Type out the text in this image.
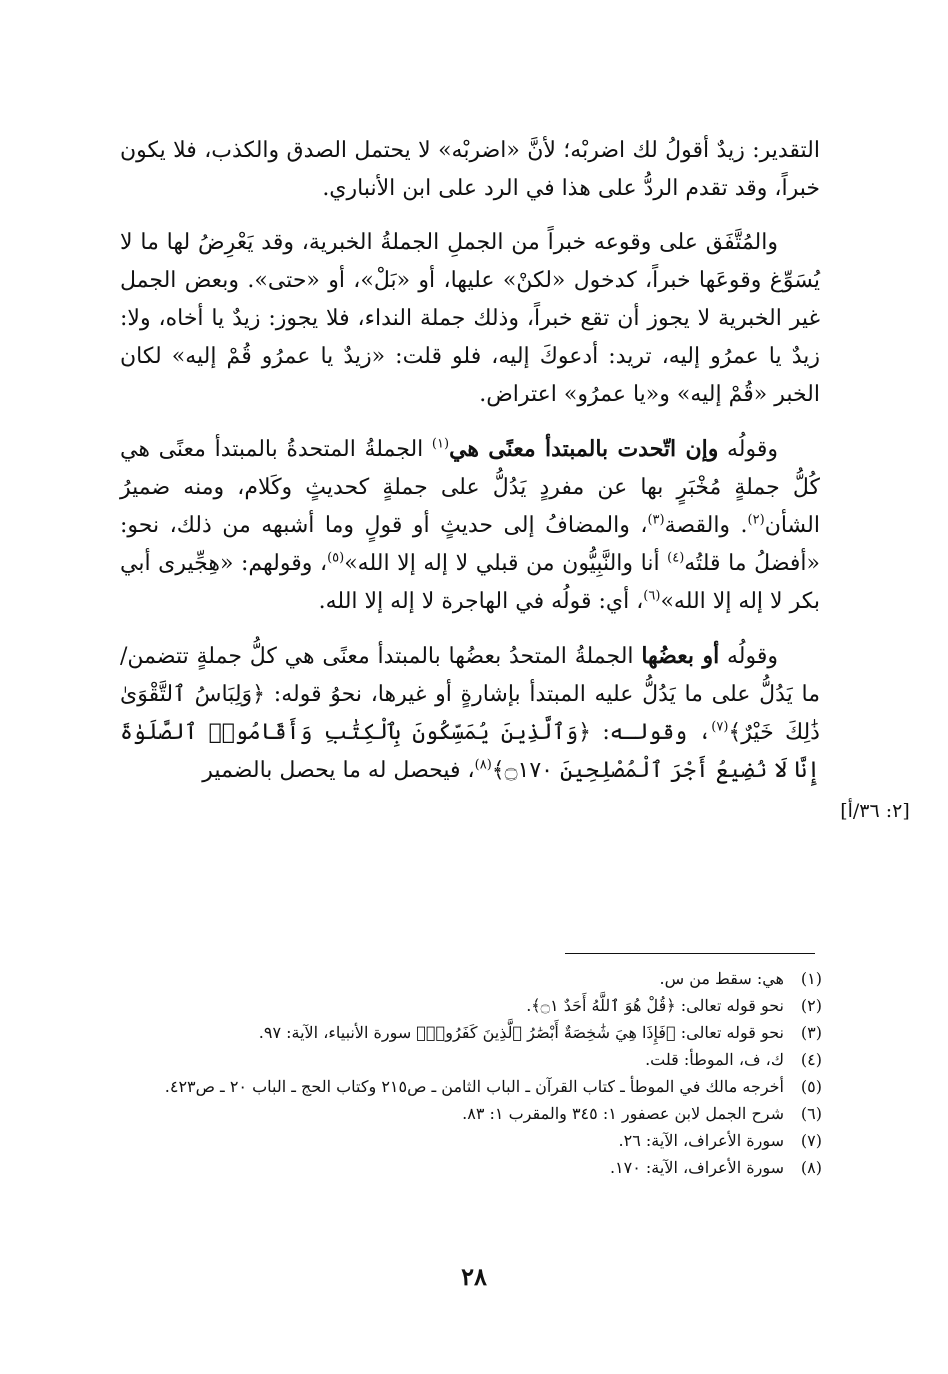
التقدير: زيدٌ أقولُ لك اضربْه؛ لأنَّ «اضربْه» لا يحتمل الصدق والكذب، فلا يكون خبراً، وقد تقدم الردُّ على هذا في الرد على ابن الأنباري.

والمُتَّفَق على وقوعه خبراً من الجملِ الجملةُ الخبرية، وقد يَعْرِضُ لها ما لا يُسَوِّغ وقوعَها خبراً، كدخول «لكنْ» عليها، أو «بَلْ»، أو «حتى». وبعض الجمل غير الخبرية لا يجوز أن تقع خبراً، وذلك جملة النداء، فلا يجوز: زيدٌ يا أخاه، ولا: زيدٌ يا عمرُو إليه، تريد: أدعوكَ إليه، فلو قلت: «زيدٌ يا عمرُو قُمْ إليه» لكان الخبر «قُمْ إليه» و«يا عمرُو» اعتراض.

وقولُه وإن اتّحدت بالمبتدأ معنًى هي$^{(١)}$ الجملةُ المتحدةُ بالمبتدأ معنًى هي كُلُّ جملةٍ مُخْبَرٍ بها عن مفردٍ يَدُلُّ على جملةٍ كحديثٍ وكَلام، ومنه ضميرُ الشأن$^{(٢)}$. والقصة$^{(٣)}$، والمضافُ إلى حديثٍ أو قولٍ وما أشبهه من ذلك، نحو: «أفضلُ ما قلتُه$^{(٤)}$ أنا والنَّبِيُّون من قبلي لا إله إلا الله»$^{(٥)}$، وقولهم: «هِجِّيرى أبي بكر لا إله إلا الله»$^{(٦)}$، أي: قولُه في الهاجرة لا إله إلا الله.

وقولُه أو بعضُها الجملةُ المتحدُ بعضُها بالمبتدأ معنًى هي كلُّ جملةٍ تتضمن/ ما يَدُلُّ على ما يَدُلُّ عليه المبتدأ بإشارةٍ أو غيرها، نحوُ قوله: ﴿وَلِبَاسُ ٱلتَّقْوَىٰ ذَٰلِكَ خَيْرٌ﴾$^{(٧)}$، وقولـه: ﴿وَٱلَّذِينَ يُمَسِّكُونَ بِٱلْكِتَٰبِ وَأَقَامُوا۟ ٱلصَّلَوٰةَ إِنَّا لَا نُضِيعُ أَجْرَ ٱلْمُصْلِحِينَ ۝١٧٠﴾$^{(٨)}$، فيحصل له ما يحصل بالضمير

[٢: ٣٦/أ]
(١)
هي: سقط من س.
(٢)
نحو قوله تعالى: ﴿قُلْ هُوَ ٱللَّهُ أَحَدٌ ۝١﴾.
(٣)
نحو قوله تعالى: ﴿فَإِذَا هِيَ شَٰخِصَةٌ أَبْصَٰرُ ٱلَّذِينَ كَفَرُوا۟﴾ سورة الأنبياء، الآية: ٩٧.
(٤)
ك، ف، الموطأ: قلت.
(٥)
أخرجه مالك في الموطأ ـ كتاب القرآن ـ الباب الثامن ـ ص٢١٥ وكتاب الحج ـ الباب ٢٠ ـ ص٤٢٣.
(٦)
شرح الجمل لابن عصفور ١: ٣٤٥ والمقرب ١: ٨٣.
(٧)
سورة الأعراف، الآية: ٢٦.
(٨)
سورة الأعراف، الآية: ١٧٠.
٢٨
